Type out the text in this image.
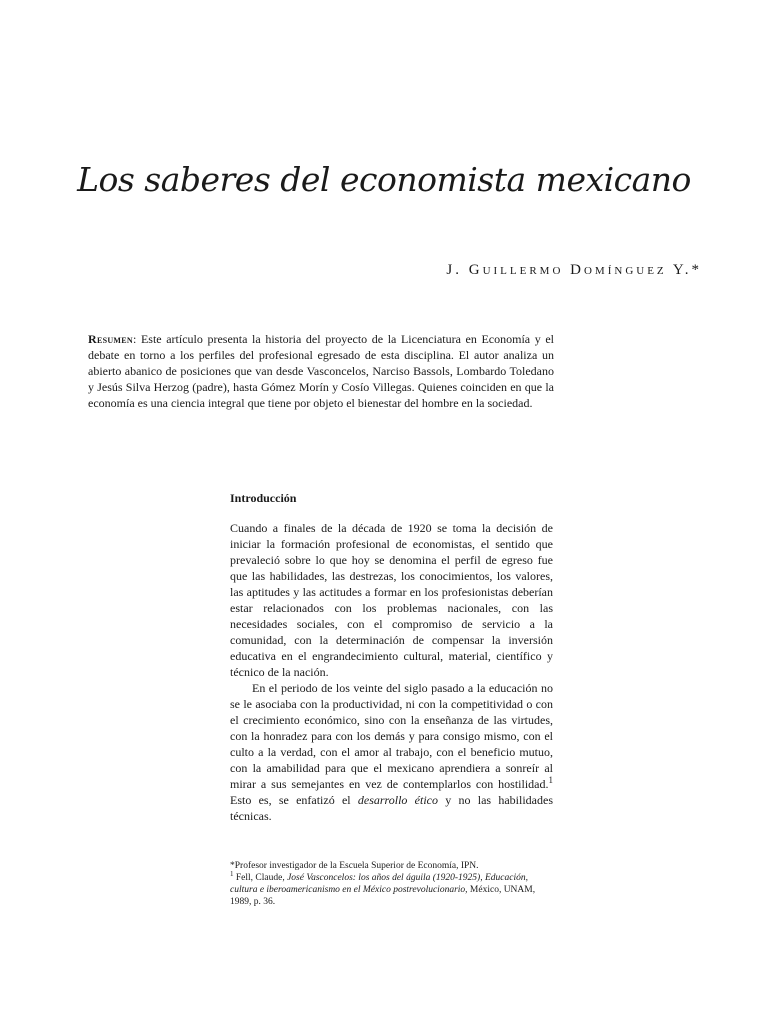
Los saberes del economista mexicano
J. Guillermo Domínguez Y.*

Resumen: Este artículo presenta la historia del proyecto de la Licenciatura en Economía y el debate en torno a los perfiles del profesional egresado de esta disciplina. El autor analiza un abierto abanico de posiciones que van desde Vasconcelos, Narciso Bassols, Lombardo Toledano y Jesús Silva Herzog (padre), hasta Gómez Morín y Cosío Villegas. Quienes coinciden en que la economía es una ciencia integral que tiene por objeto el bienestar del hombre en la sociedad.

Introducción

Cuando a finales de la década de 1920 se toma la decisión de iniciar la formación profesional de economistas, el sentido que prevaleció sobre lo que hoy se denomina el perfil de egreso fue que las habilidades, las destrezas, los conocimientos, los valores, las aptitudes y las actitudes a formar en los profesionistas deberían estar relacionados con los problemas nacionales, con las necesidades sociales, con el compromiso de servicio a la comunidad, con la determinación de compensar la inversión educativa en el engrandecimiento cultural, material, científico y técnico de la nación.

En el periodo de los veinte del siglo pasado a la educación no se le asociaba con la productividad, ni con la competitividad o con el crecimiento económico, sino con la enseñanza de las virtudes, con la honradez para con los demás y para consigo mismo, con el culto a la verdad, con el amor al trabajo, con el beneficio mutuo, con la amabilidad para que el mexicano aprendiera a sonreír al mirar a sus semejantes en vez de contemplarlos con hostilidad.$^1$ Esto es, se enfatizó el desarrollo ético y no las habilidades técnicas.

*Profesor investigador de la Escuela Superior de Economía, IPN.

$^1$ Fell, Claude, José Vasconcelos: los años del águila (1920-1925), Educación, cultura e iberoamericanismo en el México postrevolucionario, México, UNAM, 1989, p. 36.
